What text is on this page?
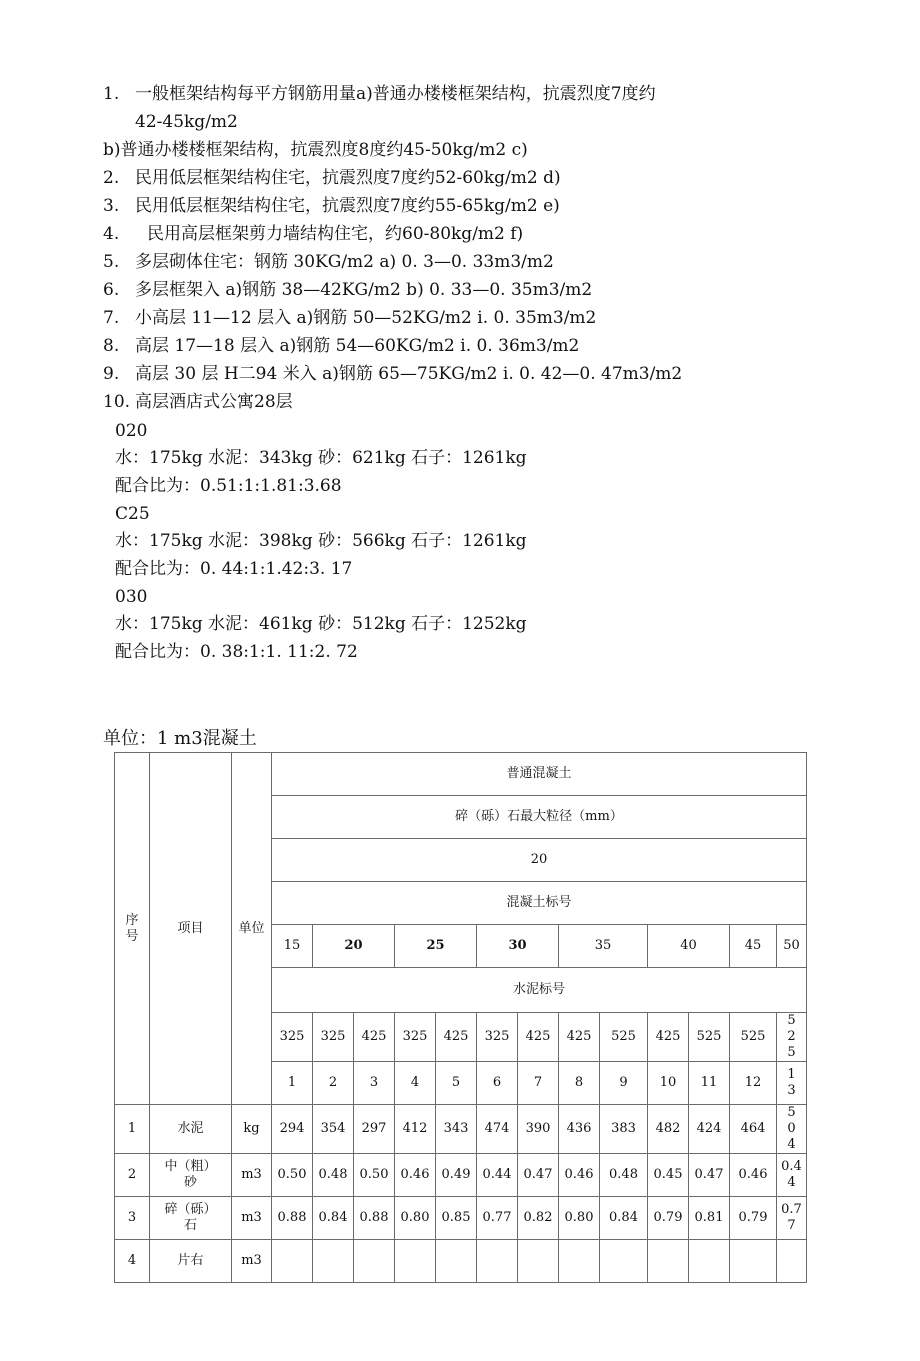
1. 一般框架结构每平方钢筋用量a)普通办楼楼框架结构，抗震烈度7度约
42-45kg/m2
b)普通办楼楼框架结构，抗震烈度8度约45-50kg/m2 c)
2. 民用低层框架结构住宅，抗震烈度7度约52-60kg/m2 d)
3. 民用低层框架结构住宅，抗震烈度7度约55-65kg/m2 e)
4. 民用高层框架剪力墙结构住宅，约60-80kg/m2 f)
5. 多层砌体住宅：钢筋 30KG/m2 a) 0. 3—0. 33m3/m2
6. 多层框架入 a)钢筋 38—42KG/m2 b) 0. 33—0. 35m3/m2
7. 小高层 11—12 层入 a)钢筋 50—52KG/m2 i. 0. 35m3/m2
8. 高层 17—18 层入 a)钢筋 54—60KG/m2 i. 0. 36m3/m2
9. 高层 30 层 H二94 米入 a)钢筋 65—75KG/m2 i. 0. 42—0. 47m3/m2
10. 高层酒店式公寓28层
020
水：175kg 水泥：343kg 砂：621kg 石子：1261kg
配合比为：0.51:1:1.81:3.68
C25
水：175kg 水泥：398kg 砂：566kg 石子：1261kg
配合比为：0. 44:1:1.42:3. 17
030
水：175kg 水泥：461kg 砂：512kg 石子：1252kg
配合比为：0. 38:1:1. 11:2. 72
单位：1 m3混凝土
序号	项目	单位	普通混凝土												
			碎（砾）石最大粒径（mm）												
			20												
			混凝土标号												
			15	20		25		30		35		40		45	50
			水泥标号												
			325	325	425	325	425	325	425	425	525	425	525	525	525
			1	2	3	4	5	6	7	8	9	10	11	12	13
1	水泥	kg	294	354	297	412	343	474	390	436	383	482	424	464	504
2	中（粗）砂	m3	0.50	0.48	0.50	0.46	0.49	0.44	0.47	0.46	0.48	0.45	0.47	0.46	0.44
3	碎（砾）石	m3	0.88	0.84	0.88	0.80	0.85	0.77	0.82	0.80	0.84	0.79	0.81	0.79	0.77
4	片右	m3													
